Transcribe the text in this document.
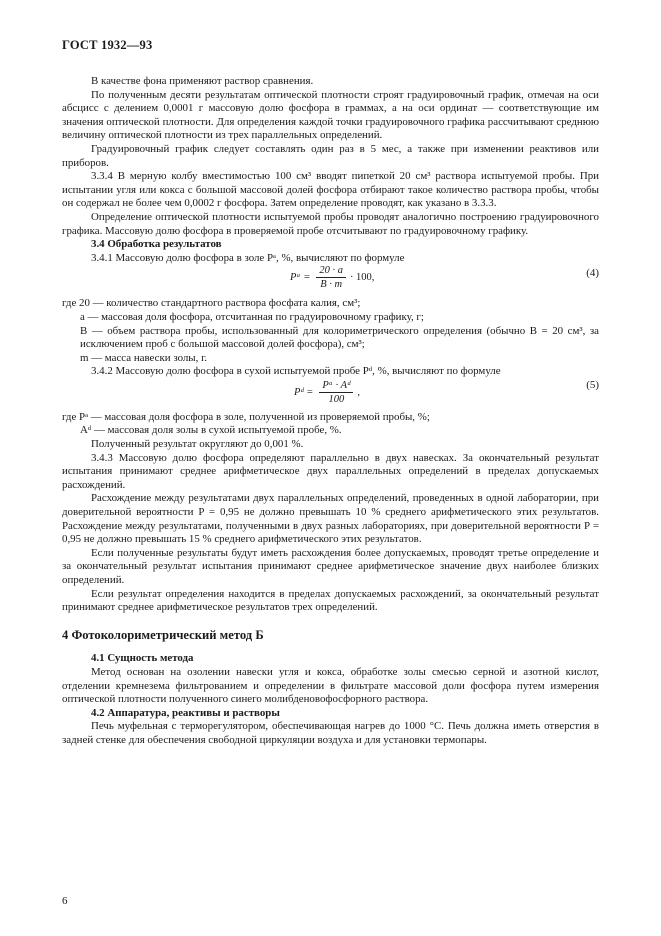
ГОСТ 1932—93

В качестве фона применяют раствор сравнения.

По полученным десяти результатам оптической плотности строят градуировочный график, отмечая на оси абсцисс с делением 0,0001 г массовую долю фосфора в граммах, а на оси ординат — соответствующие им значения оптической плотности. Для определения каждой точки градуировочного графика рассчитывают среднюю величину оптической плотности из трех параллельных определений.

Градуировочный график следует составлять один раз в 5 мес, а также при изменении реактивов или приборов.

3.3.4 В мерную колбу вместимостью 100 см³ вводят пипеткой 20 см³ раствора испытуемой пробы. При испытании угля или кокса с большой массовой долей фосфора отбирают такое количество раствора пробы, чтобы он содержал не более чем 0,0002 г фосфора. Затем определение проводят, как указано в 3.3.3.

Определение оптической плотности испытуемой пробы проводят аналогично построению градуировочного графика. Массовую долю фосфора в проверяемой пробе отсчитывают по градуировочному графику.

3.4 Обработка результатов

3.4.1 Массовую долю фосфора в золе Pᵃ, %, вычисляют по формуле

Pᵃ = $\frac{20 \cdot a}{B \cdot m} \cdot 100$,	(4)

где 20 — количество стандартного раствора фосфата калия, см³;

a — массовая доля фосфора, отсчитанная по градуировочному графику, г;

B — объем раствора пробы, использованный для колориметрического определения (обычно B = 20 см³, за исключением проб с большой массовой долей фосфора), см³;

m — масса навески золы, г.

3.4.2 Массовую долю фосфора в сухой испытуемой пробе Pᵈ, %, вычисляют по формуле

Pᵈ = $\frac{\text{Pᵃ · Aᵈ}}{100}$ ,
(5)

где Pᵃ — массовая доля фосфора в золе, полученной из проверяемой пробы, %;

Aᵈ — массовая доля золы в сухой испытуемой пробе, %.

Полученный результат округляют до 0,001 %.

3.4.3 Массовую долю фосфора определяют параллельно в двух навесках. За окончательный результат испытания принимают среднее арифметическое двух параллельных определений в пределах допускаемых расхождений.

Расхождение между результатами двух параллельных определений, проведенных в одной лаборатории, при доверительной вероятности P = 0,95 не должно превышать 10 % среднего арифметического этих результатов. Расхождение между результатами, полученными в двух разных лабораториях, при доверительной вероятности P = 0,95 не должно превышать 15 % среднего арифметического этих результатов.

Если полученные результаты будут иметь расхождения более допускаемых, проводят третье определение и за окончательный результат испытания принимают среднее арифметическое значение двух наиболее близких определений.

Если результат определения находится в пределах допускаемых расхождений, за окончательный результат принимают среднее арифметическое результатов трех определений.

4 Фотоколориметрический метод Б

4.1 Сущность метода

Метод основан на озолении навески угля и кокса, обработке золы смесью серной и азотной кислот, отделении кремнезема фильтрованием и определении в фильтрате массовой доли фосфора путем измерения оптической плотности полученного синего молибденовофосфорного раствора.

4.2 Аппаратура, реактивы и растворы

Печь муфельная с терморегулятором, обеспечивающая нагрев до 1000 °С. Печь должна иметь отверстия в задней стенке для обеспечения свободной циркуляции воздуха и для установки термопары.

6
